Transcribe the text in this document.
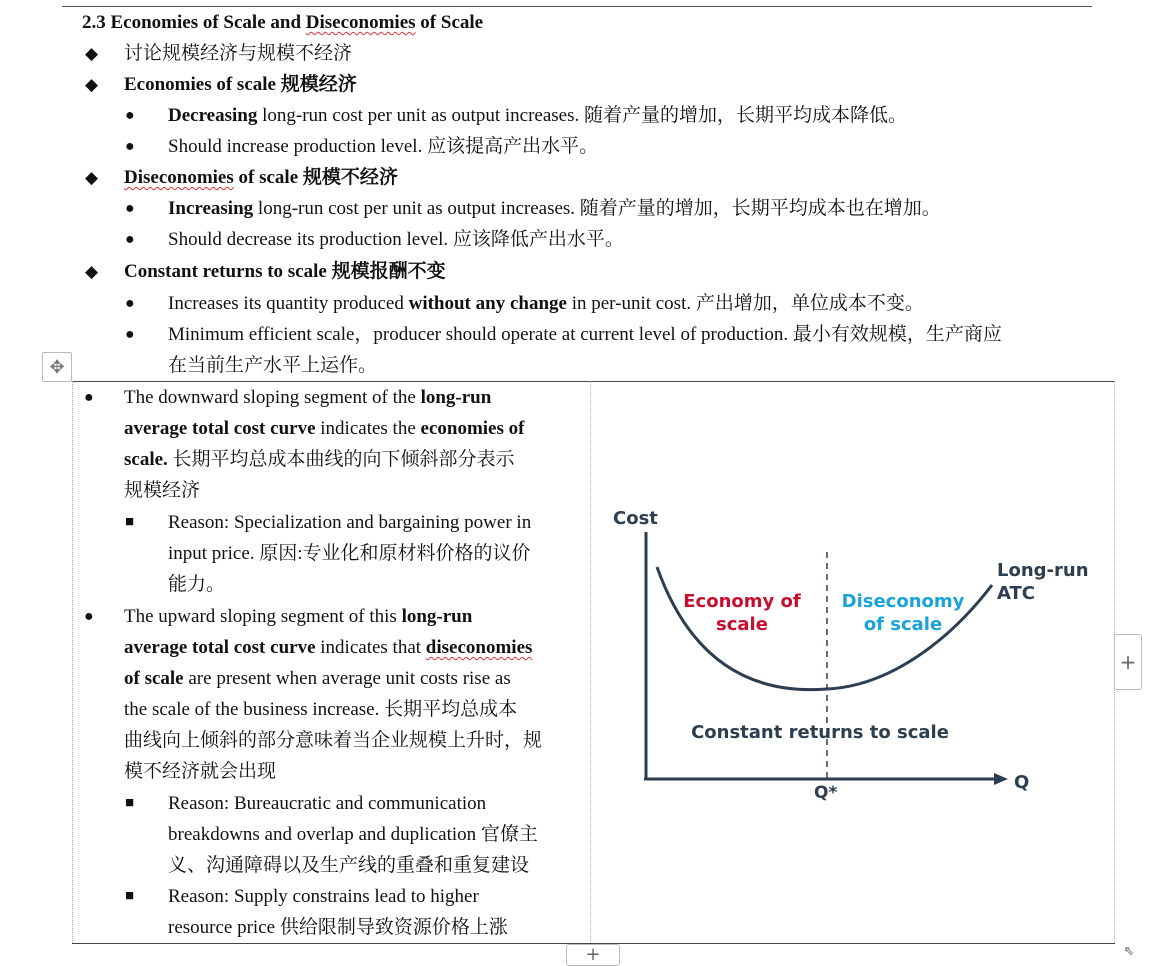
2.3 Economies of Scale and Diseconomies of Scale
◆ 讨论规模经济与规模不经济
◆ Economies of scale 规模经济
● Decreasing long-run cost per unit as output increases. 随着产量的增加，长期平均成本降低。
● Should increase production level. 应该提高产出水平。
◆ Diseconomies of scale 规模不经济
● Increasing long-run cost per unit as output increases. 随着产量的增加，长期平均成本也在增加。
● Should decrease its production level. 应该降低产出水平。
◆ Constant returns to scale 规模报酬不变
● Increases its quantity produced without any change in per-unit cost. 产出增加，单位成本不变。
● Minimum efficient scale，producer should operate at current level of production. 最小有效规模，生产商应
在当前生产水平上运作。
✥
● The downward sloping segment of the long-run
average total cost curve indicates the economies of
scale. 长期平均总成本曲线的向下倾斜部分表示
规模经济
■ Reason: Specialization and bargaining power in
input price. 原因:专业化和原材料价格的议价
能力。
● The upward sloping segment of this long-run
average total cost curve indicates that diseconomies
of scale are present when average unit costs rise as
the scale of the business increase. 长期平均总成本
曲线向上倾斜的部分意味着当企业规模上升时，规
模不经济就会出现
■ Reason: Bureaucratic and communication
breakdowns and overlap and duplication 官僚主
义、沟通障碍以及生产线的重叠和重复建设
■ Reason: Supply constrains lead to higher
resource price 供给限制导致资源价格上涨
Cost
Q
Q*
Long-run
ATC
Economy of
scale
Diseconomy
of scale
Constant returns to scale
+
+	⇖
